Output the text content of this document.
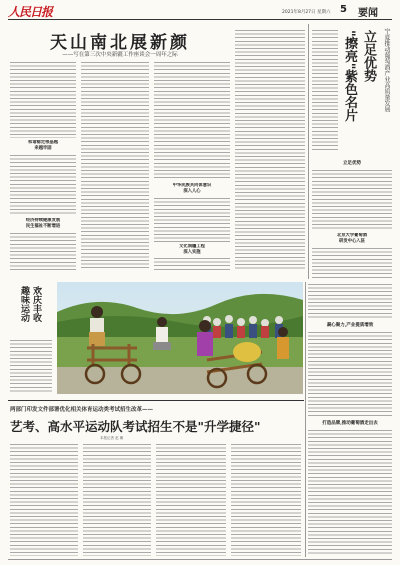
人民日报	2021年8月27日 星期六 5 要闻
天山南北展新颜
——写在第三次中央新疆工作座谈会一周年之际
和谐稳定根基越
来越牢固
经济持续健康发展
民生福祉不断增进
中华民族共同体意识
深入人心
文化润疆工程
深入实施
宁夏推动葡萄酒产业高质量发展
立足优势
"擦亮"紫色名片
立足优势
北京大学葡萄酒
研发中心入驻
欢庆丰收 趣味运动
凝心聚力,产业提质增效
打造品牌,推动葡萄酒走出去
两部门印发文件部署优化相关体育运动类考试招生改革——
艺考、高水平运动队考试招生不是"升学捷径"
本报记者 赵 婀
